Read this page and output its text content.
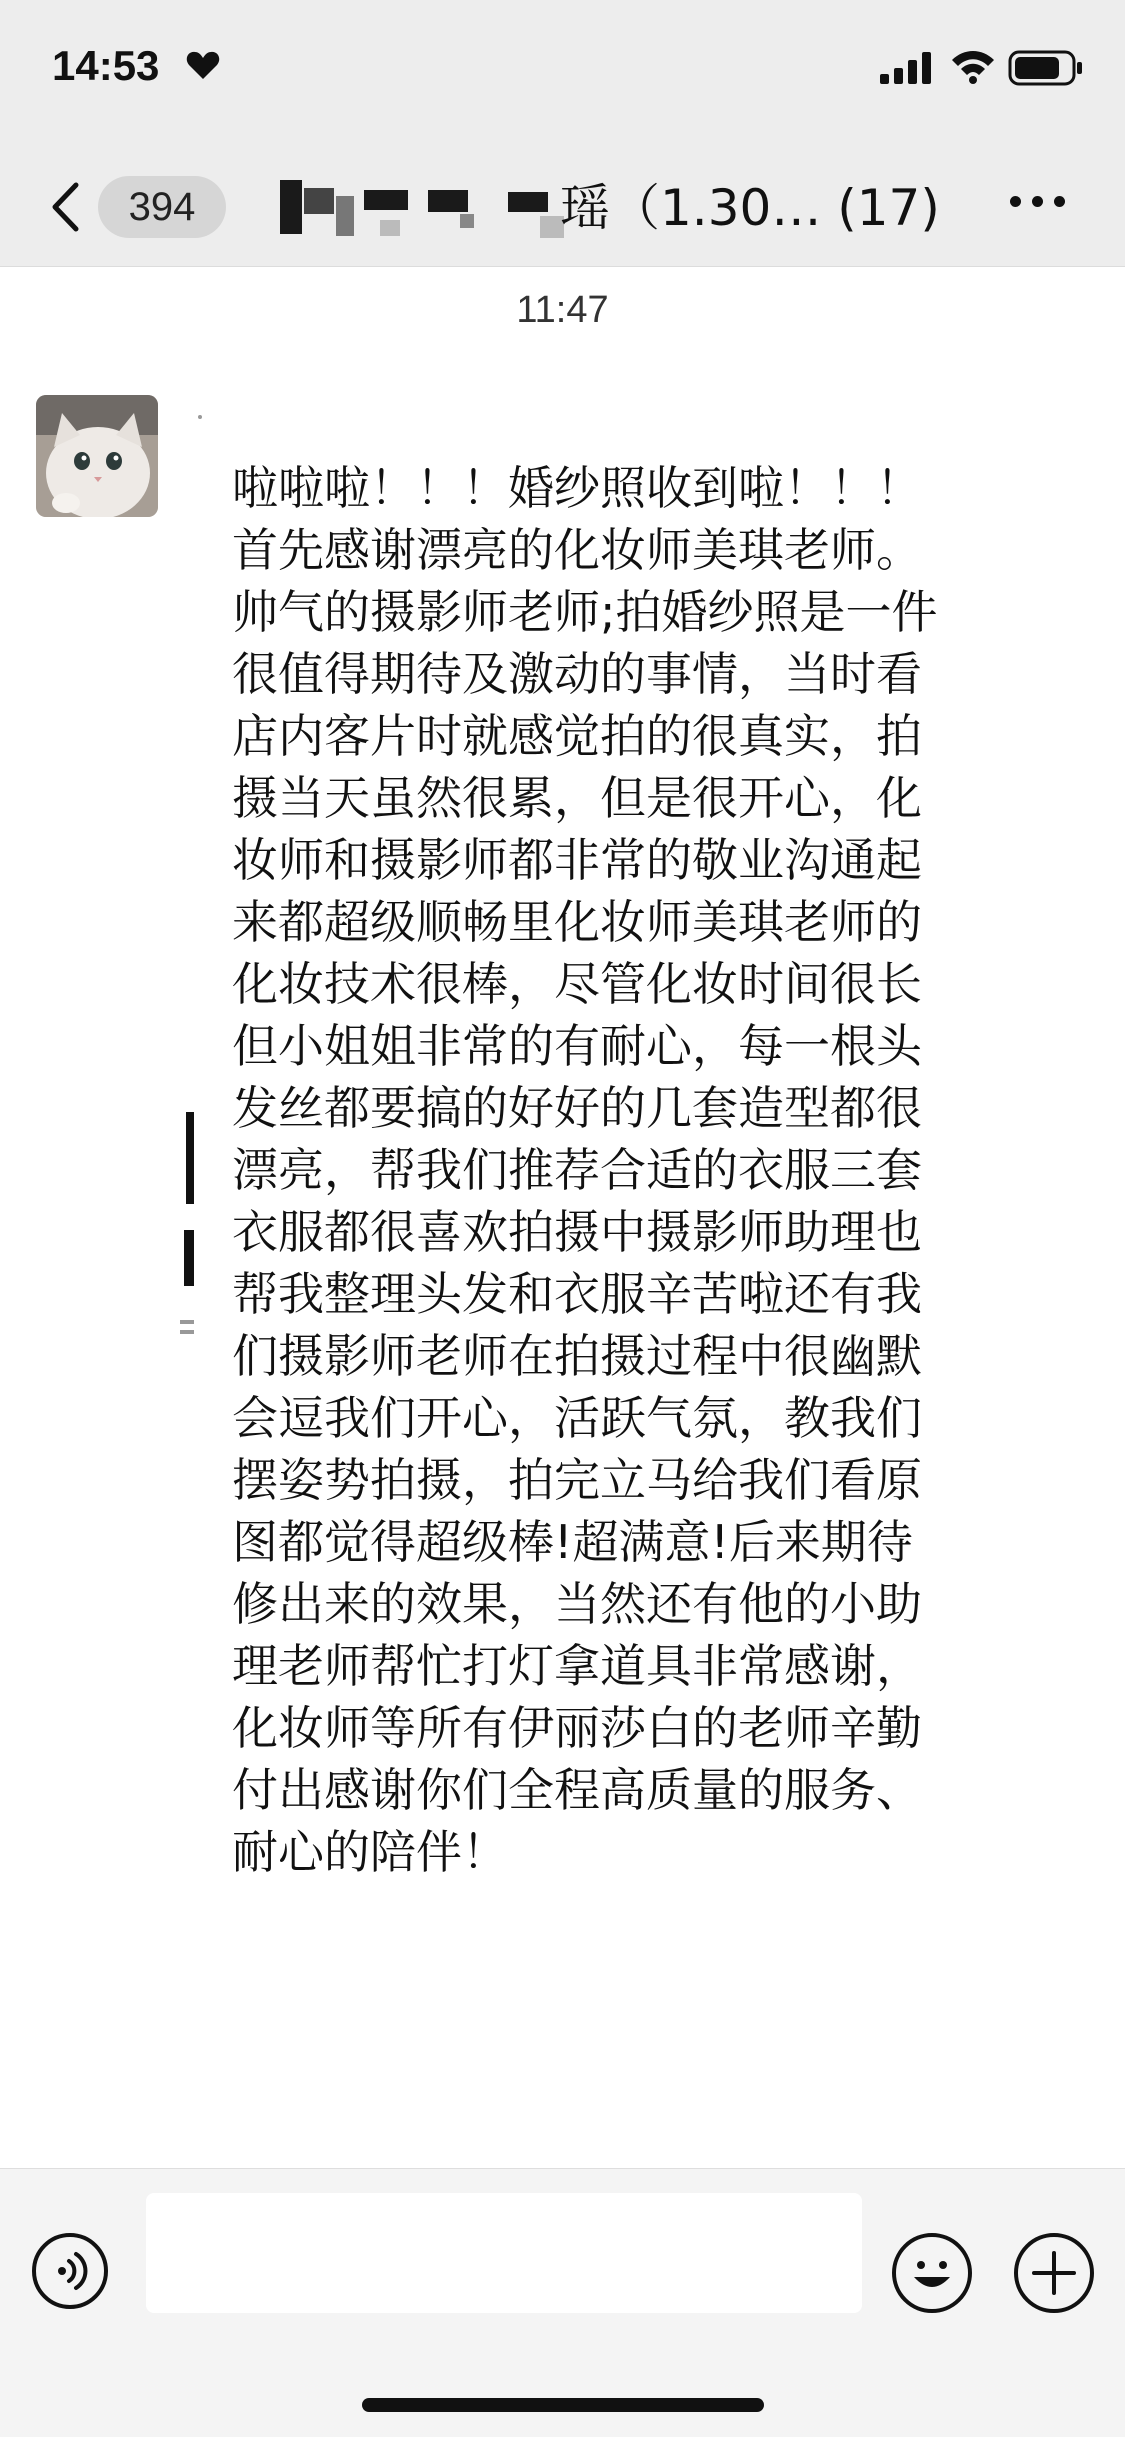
14:53
394	瑶（1.30… (17)
11:47
啦啦啦！！！婚纱照收到啦！！！
首先感谢漂亮的化妆师美琪老师。帅气的摄影师老师;拍婚纱照是一件很值得期待及激动的事情，当时看店内客片时就感觉拍的很真实，拍摄当天虽然很累，但是很开心，化妆师和摄影师都非常的敬业沟通起来都超级顺畅里化妆师美琪老师的化妆技术很棒，尽管化妆时间很长但小姐姐非常的有耐心，每一根头发丝都要搞的好好的几套造型都很漂亮，帮我们推荐合适的衣服三套衣服都很喜欢拍摄中摄影师助理也帮我整理头发和衣服辛苦啦还有我们摄影师老师在拍摄过程中很幽默会逗我们开心，活跃气氛，教我们摆姿势拍摄，拍完立马给我们看原图都觉得超级棒!超满意!后来期待修出来的效果，当然还有他的小助理老师帮忙打灯拿道具非常感谢，化妆师等所有伊丽莎白的老师辛勤付出感谢你们全程高质量的服务、耐心的陪伴！
